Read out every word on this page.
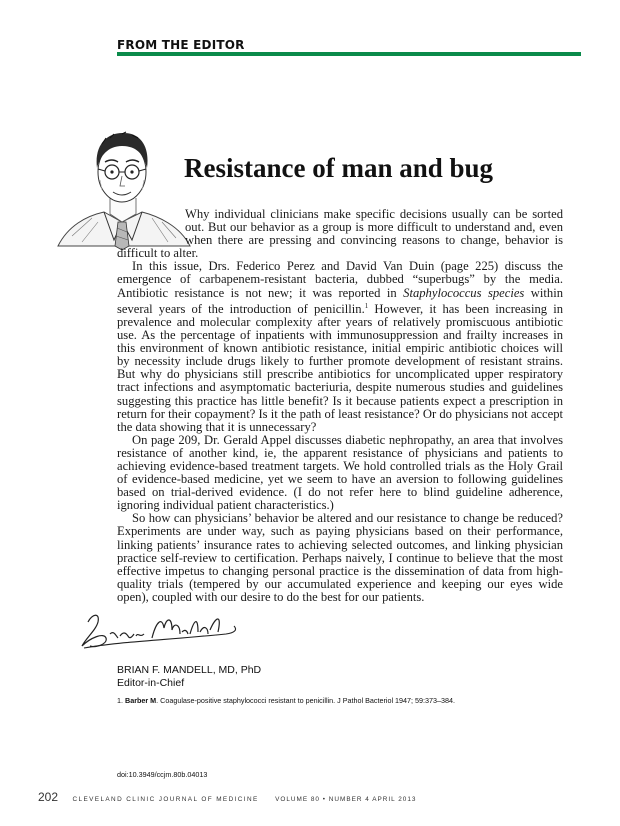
FROM THE EDITOR
Resistance of man and bug

Why individual clinicians make specific decisions usually can be sorted out. But our behavior as a group is more difficult to understand and, even when there are pressing and convincing reasons to change, behavior is difficult to alter.

In this issue, Drs. Federico Perez and David Van Duin (page 225) discuss the emergence of carbapenem-resistant bacteria, dubbed “superbugs” by the media. Antibiotic resistance is not new; it was reported in Staphylococcus species within several years of the introduction of penicillin.$^1$ However, it has been increasing in prevalence and molecular complexity after years of relatively promiscuous antibiotic use. As the percentage of inpatients with immunosuppression and frailty increases in this environment of known antibiotic resistance, initial empiric antibiotic choices will by necessity include drugs likely to further promote development of resistant strains. But why do physicians still prescribe antibiotics for uncomplicated upper respiratory tract infections and asymptomatic bacteriuria, despite numerous studies and guidelines suggesting this practice has little benefit? Is it because patients expect a prescription in return for their copayment? Is it the path of least resistance? Or do physicians not accept the data showing that it is unnecessary?

On page 209, Dr. Gerald Appel discusses diabetic nephropathy, an area that involves resistance of another kind, ie, the apparent resistance of physicians and patients to achieving evidence-based treatment targets. We hold controlled trials as the Holy Grail of evidence-based medicine, yet we seem to have an aversion to following guidelines based on trial-derived evidence. (I do not refer here to blind guideline adherence, ignoring individual patient characteristics.)

So how can physicians’ behavior be altered and our resistance to change be reduced? Experiments are under way, such as paying physicians based on their performance, linking patients’ insurance rates to achieving selected outcomes, and linking physician practice self-review to certification. Perhaps naively, I continue to believe that the most effective impetus to changing personal practice is the dissemination of data from high-quality trials (tempered by our accumulated experience and keeping our eyes wide open), coupled with our desire to do the best for our patients.

BRIAN F. MANDELL, MD, PhD
Editor-in-Chief
1. Barber M. Coagulase-positive staphylococci resistant to penicillin. J Pathol Bacteriol 1947; 59:373–384.
doi:10.3949/ccjm.80b.04013
202 CLEVELAND CLINIC JOURNAL OF MEDICINE	VOLUME 80 • NUMBER 4 APRIL 2013
